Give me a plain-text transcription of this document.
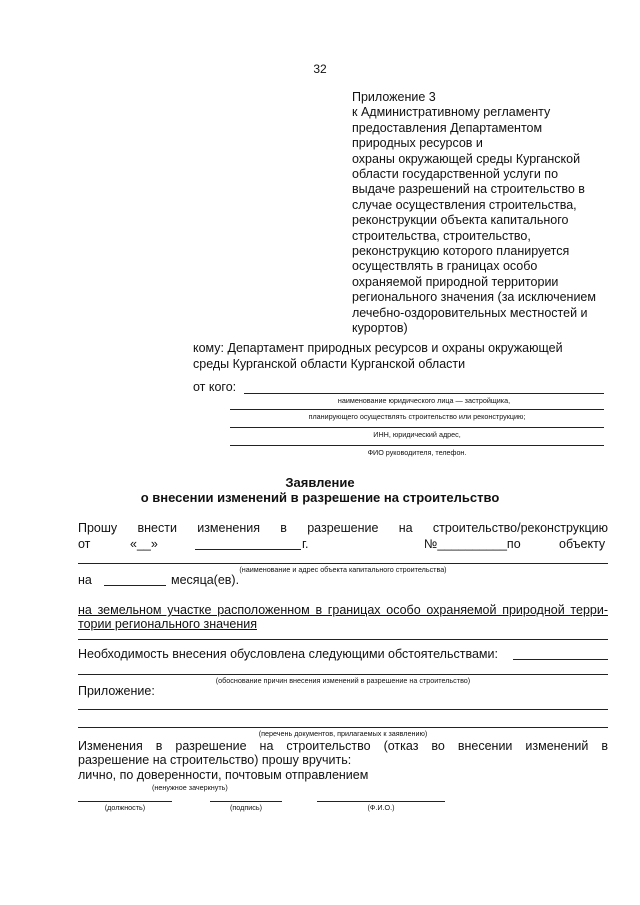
32
Приложение 3
к Административному регламенту
предоставления Департаментом
природных ресурсов и
охраны окружающей среды Курганской
области государственной услуги по
выдаче разрешений на строительство в
случае осуществления строительства,
реконструкции объекта капитального
строительства, строительство,
реконструкцию которого планируется
осуществлять в границах особо
охраняемой природной территории
регионального значения (за исключением
лечебно-оздоровительных местностей и
курортов)
кому: Департамент природных ресурсов и охраны окружающей
среды Курганской области Курганской области
от кого:
наименование юридического лица — застройщика,
планирующего осуществлять строительство или реконструкцию;
ИНН, юридический адрес,
ФИО руководителя, телефон.
Заявление
о внесении изменений в разрешение на строительство
Прошу внести изменения в разрешение на строительство/реконструкцию
от	«__»	г.	№__________по	объекту
(наименование и адрес объекта капитального строительства)
на	месяца(ев).
на земельном участке расположенном в границах особо охраняемой природной терри-
тории регионального значения
Необходимость внесения обусловлена следующими обстоятельствами:
(обоснование причин внесения изменений в разрешение на строительство)
Приложение:
(перечень документов, прилагаемых к заявлению)
Изменения в разрешение на строительство (отказ во внесении изменений в
разрешение на строительство) прошу вручить:
лично, по доверенности, почтовым отправлением
(ненужное зачеркнуть)
(должность)	(подпись)	(Ф.И.О.)
